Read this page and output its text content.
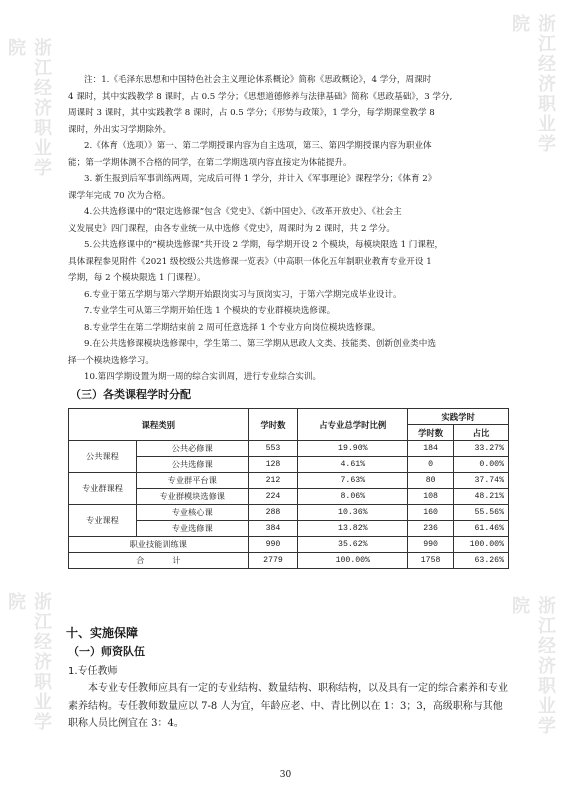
浙江经济职业学院
浙江经济职业学院
浙江经济职业学院
浙江经济职业学院

注：1.《毛泽东思想和中国特色社会主义理论体系概论》简称《思政概论》，4 学分，周课时
4 课时，其中实践教学 8 课时，占 0.5 学分；《思想道德修养与法律基础》简称《思政基础》，3 学分,
周课时 3 课时，其中实践教学 8 课时，占 0.5 学分；《形势与政策》，1 学分，每学期课堂教学 8
课时，外出实习学期除外。

2.《体育（选项）》第一、第二学期授课内容为自主选项，第三、第四学期授课内容为职业体
能；第一学期体测不合格的同学，在第二学期选项内容直接定为体能提升。

3. 新生报到后军事训练两周，完成后可得 1 学分，并计入《军事理论》课程学分；《体育 2》
课学年完成 70 次为合格。

4.公共选修课中的“限定选修课”包含《党史》、《新中国史》、《改革开放史》、《社会主
义发展史》四门课程，由各专业统一从中选修《党史》，周课时为 2 课时，共 2 学分。

5.公共选修课中的“模块选修课”共开设 2 学期，每学期开设 2 个模块，每模块限选 1 门课程，
具体课程参见附件《2021 级校级公共选修课一览表》（中高职一体化五年制职业教育专业开设 1
学期，每 2 个模块限选 1 门课程）。

6.专业于第五学期与第六学期开始跟岗实习与顶岗实习，于第六学期完成毕业设计。

7.专业学生可从第三学期开始任选 1 个模块的专业群模块选修课。

8.专业学生在第二学期结束前 2 周可任意选择 1 个专业方向岗位模块选修课。

9.在公共选修课模块选修课中，学生第二、第三学期从思政人文类、技能类、创新创业类中选
择一个模块选修学习。

10.第四学期设置为期一周的综合实训周，进行专业综合实训。

（三）各类课程学时分配
课程类别		学时数	占专业总学时比例	实践学时	
				学时数	占比
公共课程	公共必修课	553	19.90%	184	33.27%
	公共选修课	128	4.61%	0	0.00%
专业群课程	专业群平台课	212	7.63%	80	37.74%
	专业群模块选修课	224	8.06%	108	48.21%
专业课程	专业核心课	288	10.36%	160	55.56%
	专业选修课	384	13.82%	236	61.46%
职业技能训练课		990	35.62%	990	100.00%
合 计		2779	100.00%	1758	63.26%
十、实施保障
（一）师资队伍
1.专任教师

本专业专任教师应具有一定的专业结构、数量结构、职称结构，以及具有一定的综合素养和专业素养结构。专任教师数量应以 7-8 人为宜，年龄应老、中、青比例以在 1：3；3，高级职称与其他职称人员比例宜在 3：4。

30
